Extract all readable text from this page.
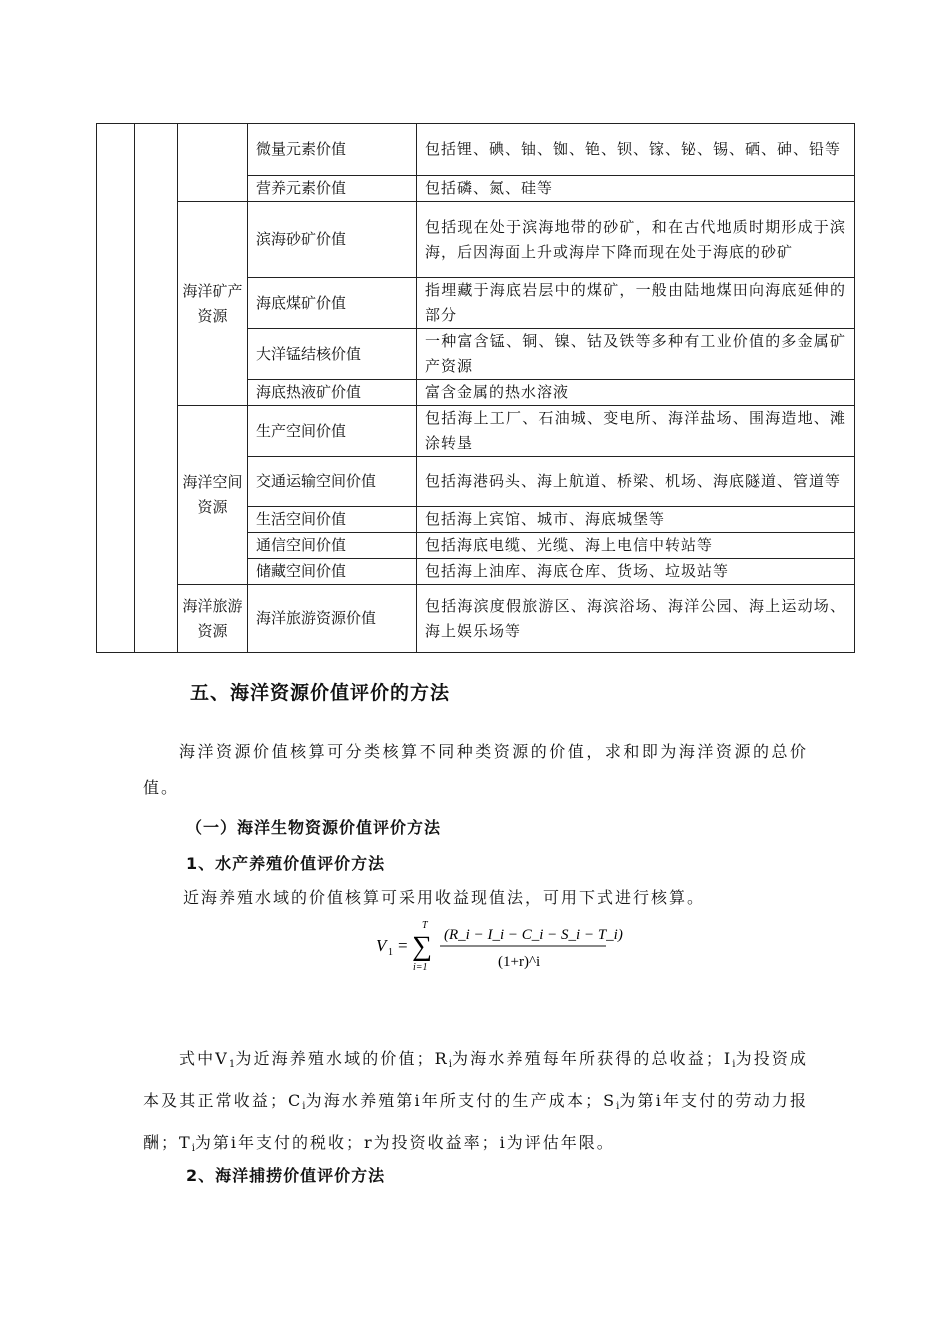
			微量元素价值	包括锂、碘、铀、铷、铯、钡、镓、铋、锡、硒、砷、铅等
			营养元素价值	包括磷、氮、硅等
		海洋矿产资源	滨海砂矿价值	包括现在处于滨海地带的砂矿，和在古代地质时期形成于滨海，后因海面上升或海岸下降而现在处于海底的砂矿
			海底煤矿价值	指埋藏于海底岩层中的煤矿，一般由陆地煤田向海底延伸的部分
			大洋锰结核价值	一种富含锰、铜、镍、钴及铁等多种有工业价值的多金属矿产资源
			海底热液矿价值	富含金属的热水溶液
		海洋空间资源	生产空间价值	包括海上工厂、石油城、变电所、海洋盐场、围海造地、滩涂转垦
			交通运输空间价值	包括海港码头、海上航道、桥梁、机场、海底隧道、管道等
			生活空间价值	包括海上宾馆、城市、海底城堡等
			通信空间价值	包括海底电缆、光缆、海上电信中转站等
			储藏空间价值	包括海上油库、海底仓库、货场、垃圾站等
		海洋旅游资源	海洋旅游资源价值	包括海滨度假旅游区、海滨浴场、海洋公园、海上运动场、海上娱乐场等
五、海洋资源价值评价的方法
海洋资源价值核算可分类核算不同种类资源的价值，求和即为海洋资源的总价值。
（一）海洋生物资源价值评价方法
1、水产养殖价值评价方法
近海养殖水域的价值核算可采用收益现值法，可用下式进行核算。
V 1 =
T
∑
i=1
(R_i − I_i − C_i − S_i − T_i)
(1+r)^i
式中$V_1$为近海养殖水域的价值；$R_i$为海水养殖每年所获得的总收益；$I_i$为投资成本及其正常收益；$C_i$为海水养殖第i年所支付的生产成本；$S_i$为第i年支付的劳动力报酬；$T_i$为第i年支付的税收；r为投资收益率；i为评估年限。
2、海洋捕捞价值评价方法
